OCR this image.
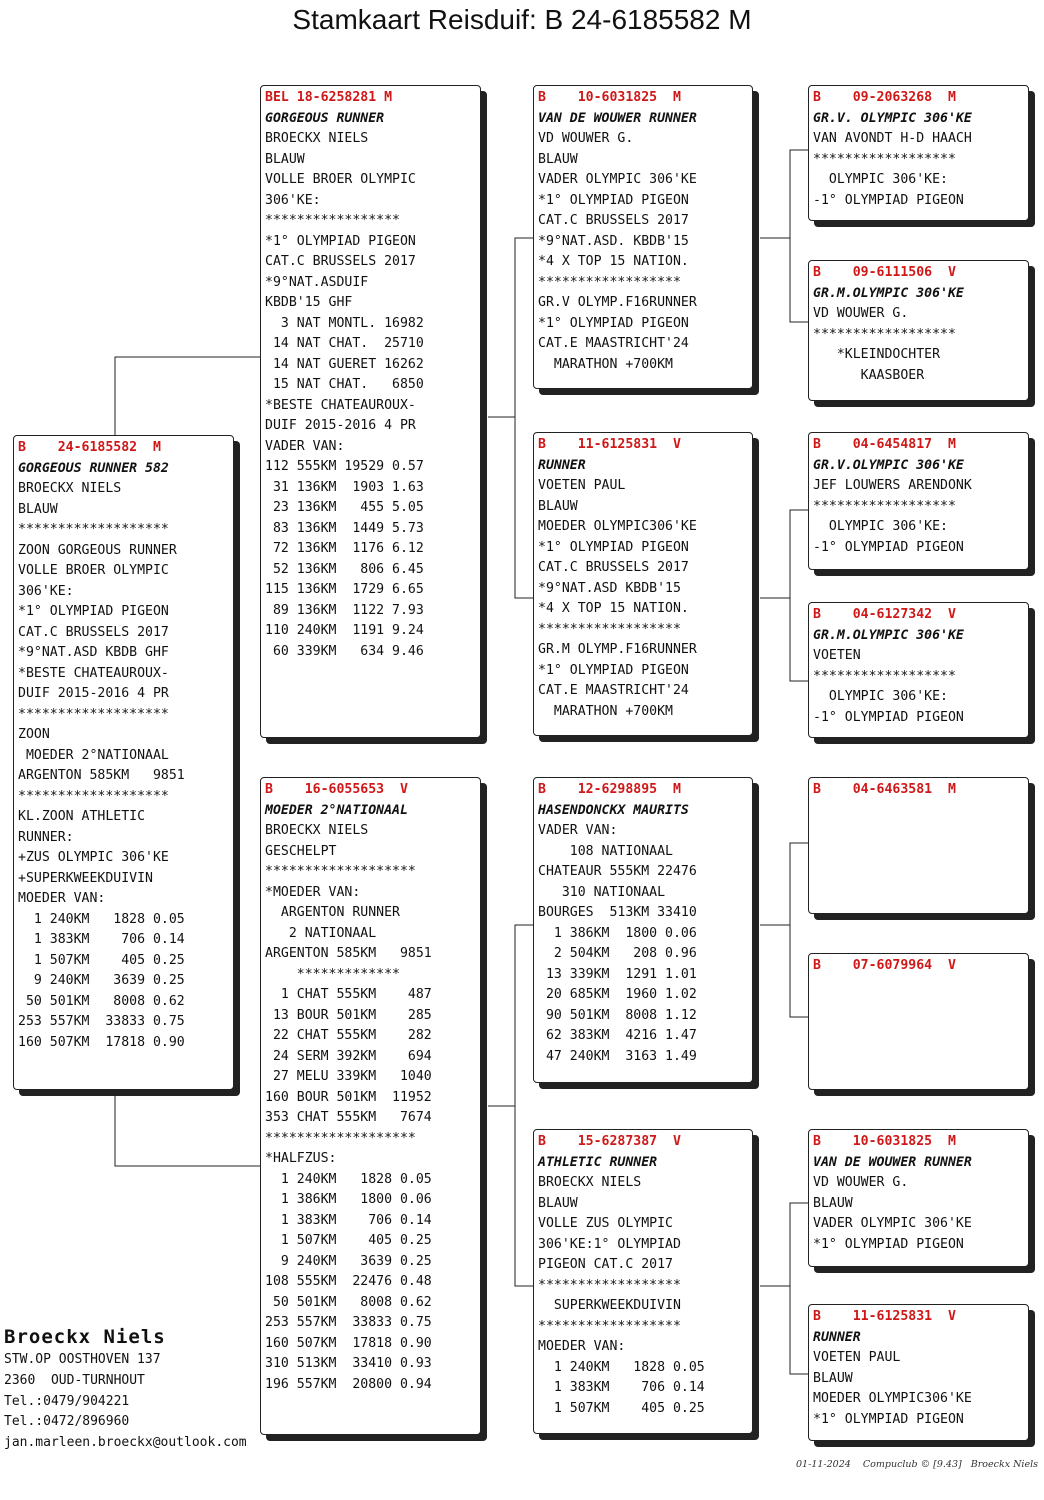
Stamkaart Reisduif: B 24-6185582 M
B    24-6185582  M
GORGEOUS RUNNER 582
BROECKX NIELS
BLAUW
*******************
ZOON GORGEOUS RUNNER
VOLLE BROER OLYMPIC
306'KE:
*1° OLYMPIAD PIGEON
CAT.C BRUSSELS 2017
*9°NAT.ASD KBDB GHF
*BESTE CHATEAUROUX-
DUIF 2015-2016 4 PR
*******************
ZOON
MOEDER 2°NATIONAAL
ARGENTON 585KM   9851
*******************
KL.ZOON ATHLETIC
RUNNER:
+ZUS OLYMPIC 306'KE
+SUPERKWEEKDUIVIN
MOEDER VAN:
1 240KM   1828 0.05
1 383KM    706 0.14
1 507KM    405 0.25
9 240KM   3639 0.25
50 501KM   8008 0.62
253 557KM  33833 0.75
160 507KM  17818 0.90
BEL 18-6258281 M
GORGEOUS RUNNER
BROECKX NIELS
BLAUW
VOLLE BROER OLYMPIC
306'KE:
*****************
*1° OLYMPIAD PIGEON
CAT.C BRUSSELS 2017
*9°NAT.ASDUIF
KBDB'15 GHF
3 NAT MONTL. 16982
14 NAT CHAT.  25710
14 NAT GUERET 16262
15 NAT CHAT.   6850
*BESTE CHATEAUROUX-
DUIF 2015-2016 4 PR
VADER VAN:
112 555KM 19529 0.57
31 136KM  1903 1.63
23 136KM   455 5.05
83 136KM  1449 5.73
72 136KM  1176 6.12
52 136KM   806 6.45
115 136KM  1729 6.65
89 136KM  1122 7.93
110 240KM  1191 9.24
60 339KM   634 9.46
B    16-6055653  V
MOEDER 2°NATIONAAL
BROECKX NIELS
GESCHELPT
*******************
*MOEDER VAN:
ARGENTON RUNNER
2 NATIONAAL
ARGENTON 585KM   9851
*************
1 CHAT 555KM    487
13 BOUR 501KM    285
22 CHAT 555KM    282
24 SERM 392KM    694
27 MELU 339KM   1040
160 BOUR 501KM  11952
353 CHAT 555KM   7674
*******************
*HALFZUS:
1 240KM   1828 0.05
1 386KM   1800 0.06
1 383KM    706 0.14
1 507KM    405 0.25
9 240KM   3639 0.25
108 555KM  22476 0.48
50 501KM   8008 0.62
253 557KM  33833 0.75
160 507KM  17818 0.90
310 513KM  33410 0.93
196 557KM  20800 0.94
B    10-6031825  M
VAN DE WOUWER RUNNER
VD WOUWER G.
BLAUW
VADER OLYMPIC 306'KE
*1° OLYMPIAD PIGEON
CAT.C BRUSSELS 2017
*9°NAT.ASD. KBDB'15
*4 X TOP 15 NATION.
******************
GR.V OLYMP.F16RUNNER
*1° OLYMPIAD PIGEON
CAT.E MAASTRICHT'24
MARATHON +700KM
B    11-6125831  V
RUNNER
VOETEN PAUL
BLAUW
MOEDER OLYMPIC306'KE
*1° OLYMPIAD PIGEON
CAT.C BRUSSELS 2017
*9°NAT.ASD KBDB'15
*4 X TOP 15 NATION.
******************
GR.M OLYMP.F16RUNNER
*1° OLYMPIAD PIGEON
CAT.E MAASTRICHT'24
MARATHON +700KM
B    12-6298895  M
HASENDONCKX MAURITS
VADER VAN:
108 NATIONAAL
CHATEAUR 555KM 22476
310 NATIONAAL
BOURGES  513KM 33410
1 386KM  1800 0.06
2 504KM   208 0.96
13 339KM  1291 1.01
20 685KM  1960 1.02
90 501KM  8008 1.12
62 383KM  4216 1.47
47 240KM  3163 1.49
B    15-6287387  V
ATHLETIC RUNNER
BROECKX NIELS
BLAUW
VOLLE ZUS OLYMPIC
306'KE:1° OLYMPIAD
PIGEON CAT.C 2017
******************
SUPERKWEEKDUIVIN
******************
MOEDER VAN:
1 240KM   1828 0.05
1 383KM    706 0.14
1 507KM    405 0.25
B    09-2063268  M
GR.V. OLYMPIC 306'KE
VAN AVONDT H-D HAACH
******************
OLYMPIC 306'KE:
-1° OLYMPIAD PIGEON
B    09-6111506  V
GR.M.OLYMPIC 306'KE
VD WOUWER G.
******************
*KLEINDOCHTER
KAASBOER
B    04-6454817  M
GR.V.OLYMPIC 306'KE
JEF LOUWERS ARENDONK
******************
OLYMPIC 306'KE:
-1° OLYMPIAD PIGEON
B    04-6127342  V
GR.M.OLYMPIC 306'KE
VOETEN
******************
OLYMPIC 306'KE:
-1° OLYMPIAD PIGEON
B    04-6463581  M
B    07-6079964  V
B    10-6031825  M
VAN DE WOUWER RUNNER
VD WOUWER G.
BLAUW
VADER OLYMPIC 306'KE
*1° OLYMPIAD PIGEON
B    11-6125831  V
RUNNER
VOETEN PAUL
BLAUW
MOEDER OLYMPIC306'KE
*1° OLYMPIAD PIGEON
Broeckx Niels
STW.OP OOSTHOVEN 137
2360  OUD-TURNHOUT
Tel.:0479/904221
Tel.:0472/896960
jan.marleen.broeckx@outlook.com
01-11-2024    Compuclub © [9.43]   Broeckx Niels
